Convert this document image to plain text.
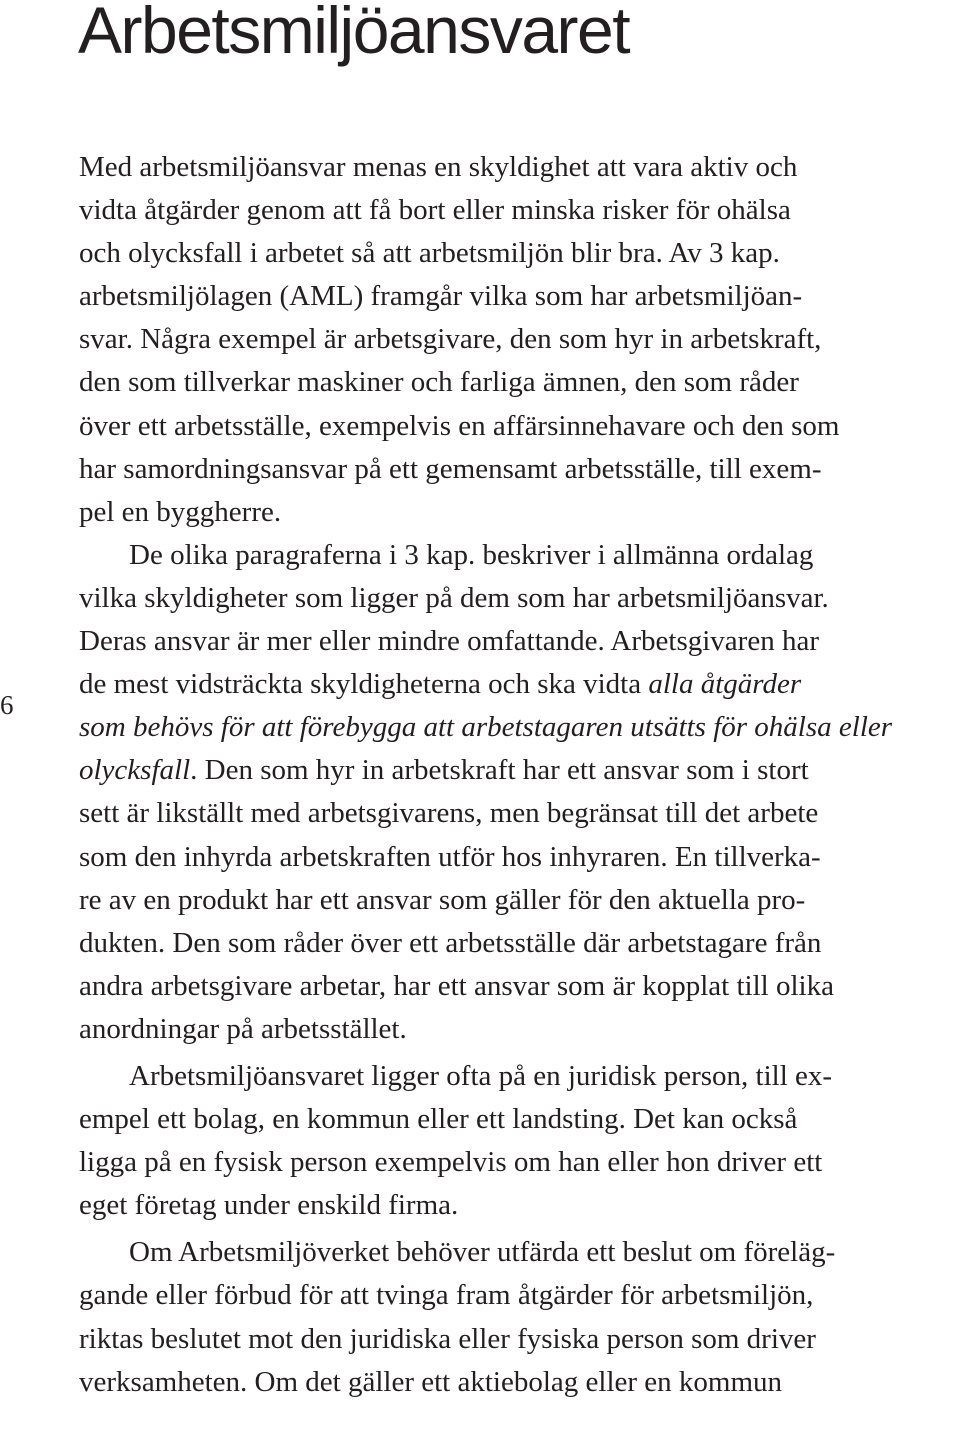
Arbetsmiljöansvaret
6
Med arbetsmiljöansvar menas en skyldighet att vara aktiv och
vidta åtgärder genom att få bort eller minska risker för ohälsa
och olycksfall i arbetet så att arbetsmiljön blir bra. Av 3 kap.
arbetsmiljölagen (AML) framgår vilka som har arbetsmiljöan-
svar. Några exempel är arbetsgivare, den som hyr in arbetskraft,
den som tillverkar maskiner och farliga ämnen, den som råder
över ett arbetsställe, exempelvis en affärsinnehavare och den som
har samordningsansvar på ett gemensamt arbetsställe, till exem-
pel en byggherre.
De olika paragraferna i 3 kap. beskriver i allmänna ordalag
vilka skyldigheter som ligger på dem som har arbetsmiljöansvar.
Deras ansvar är mer eller mindre omfattande. Arbetsgivaren har
de mest vidsträckta skyldigheterna och ska vidta alla åtgärder
som behövs för att förebygga att arbetstagaren utsätts för ohälsa eller
olycksfall. Den som hyr in arbetskraft har ett ansvar som i stort
sett är likställt med arbetsgivarens, men begränsat till det arbete
som den inhyrda arbetskraften utför hos inhyraren. En tillverka-
re av en produkt har ett ansvar som gäller för den aktuella pro-
dukten. Den som råder över ett arbetsställe där arbetstagare från
andra arbetsgivare arbetar, har ett ansvar som är kopplat till olika
anordningar på arbetsstället.
Arbetsmiljöansvaret ligger ofta på en juridisk person, till ex-
empel ett bolag, en kommun eller ett landsting. Det kan också
ligga på en fysisk person exempelvis om han eller hon driver ett
eget företag under enskild firma.
Om Arbetsmiljöverket behöver utfärda ett beslut om föreläg-
gande eller förbud för att tvinga fram åtgärder för arbetsmiljön,
riktas beslutet mot den juridiska eller fysiska person som driver
verksamheten. Om det gäller ett aktiebolag eller en kommun
